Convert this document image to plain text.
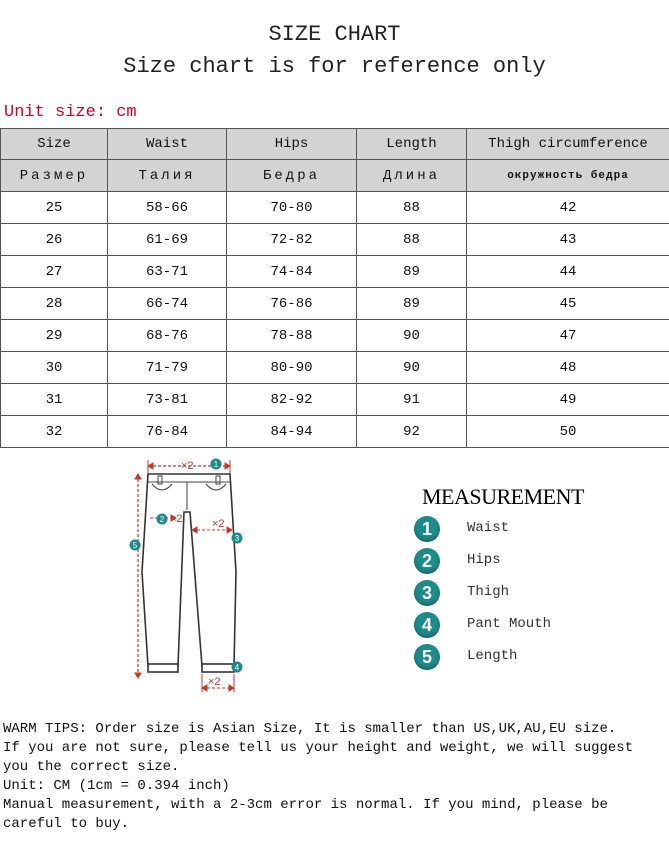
SIZE CHART
Size chart is for reference only
Unit size: cm
Size	Waist	Hips	Length	Thigh circumference
Размер	Талия	Бедра	Длина	окружность бедра
25	58-66	70-80	88	42
26	61-69	72-82	88	43
27	63-71	74-84	89	44
28	66-74	76-86	89	45
29	68-76	78-88	90	47
30	71-79	80-90	90	48
31	73-81	82-92	91	49
32	76-84	84-94	92	50
×2
×2	×2
×2
1
2
3
4
5
MEASUREMENT
1	Waist
2	Hips
3	Thigh
4	Pant Mouth
5	Length

WARM TIPS: Order size is Asian Size, It is smaller than US,UK,AU,EU size.

If you are not sure, please tell us your height and weight, we will suggest you the correct size.

Unit: CM (1cm = 0.394 inch)

Manual measurement, with a 2-3cm error is normal. If you mind, please be careful to buy.
